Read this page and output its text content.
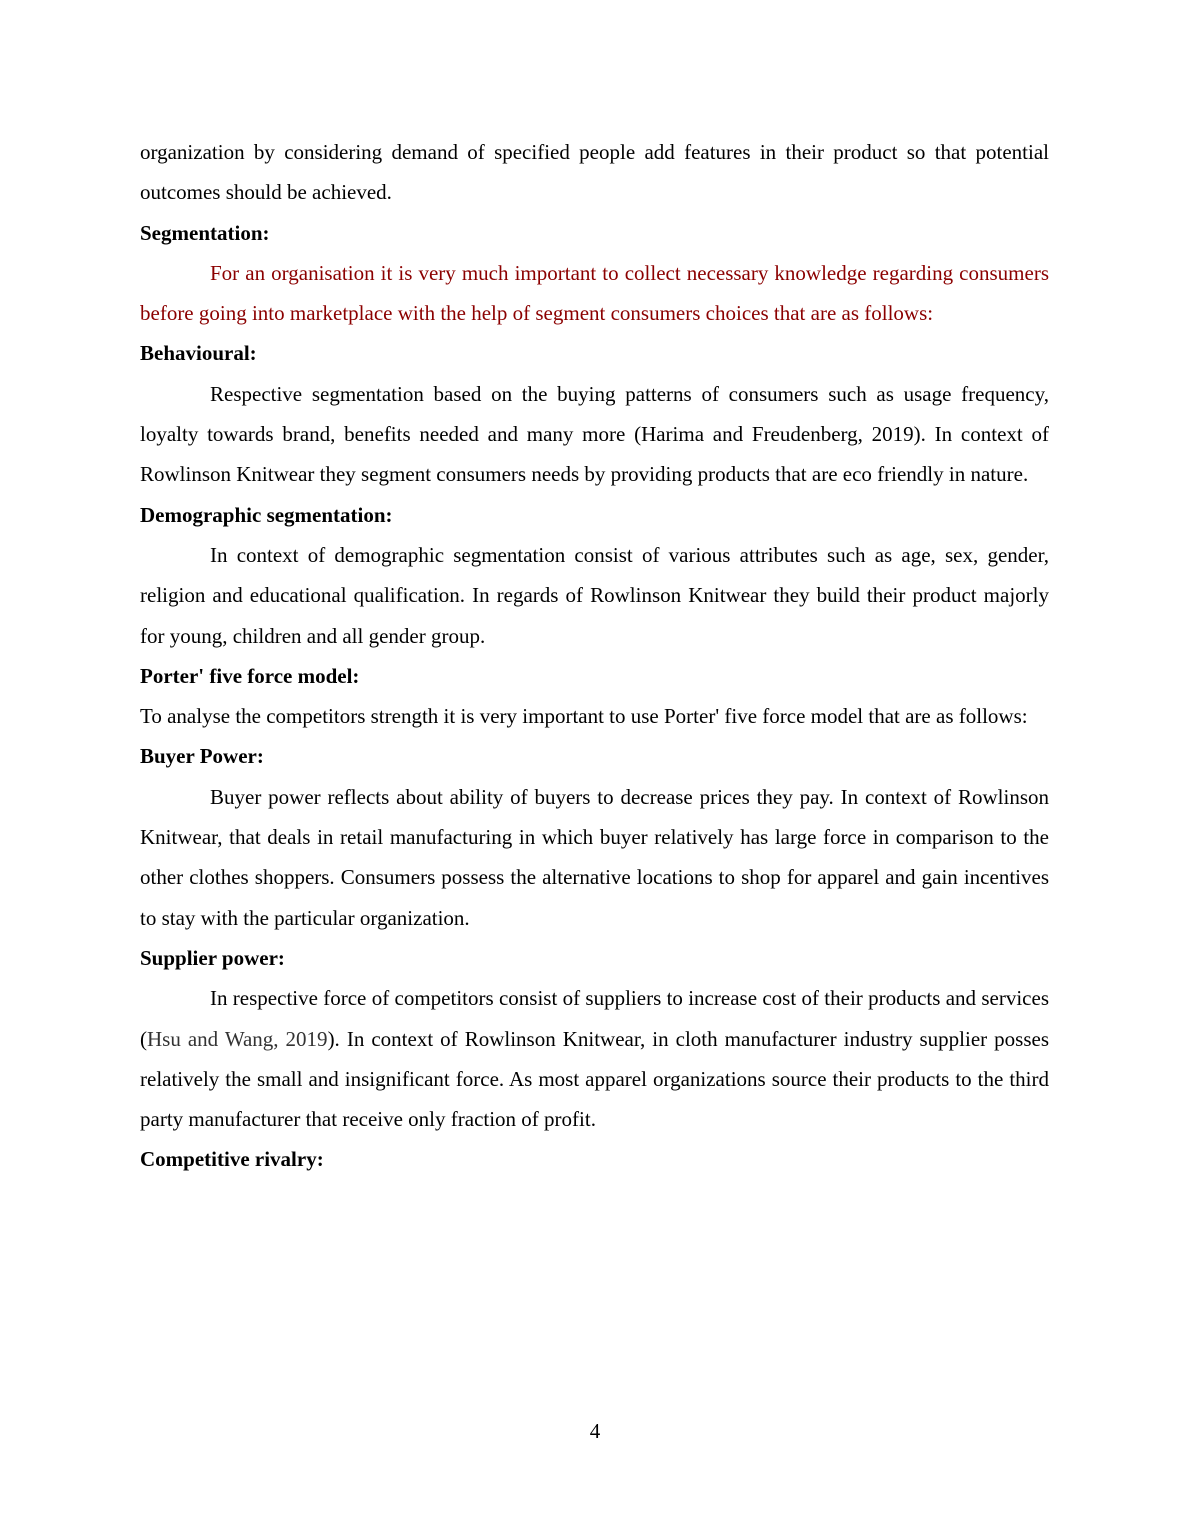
organization by considering demand of specified people add features in their product so that potential outcomes should be achieved.

Segmentation:

For an organisation it is very much important to collect necessary knowledge regarding consumers before going into marketplace with the help of segment consumers choices that are as follows:

Behavioural:

Respective segmentation based on the buying patterns of consumers such as usage frequency, loyalty towards brand, benefits needed and many more (Harima and Freudenberg, 2019). In context of Rowlinson Knitwear they segment consumers needs by providing products that are eco friendly in nature.

Demographic segmentation:

In context of demographic segmentation consist of various attributes such as age, sex, gender, religion and educational qualification. In regards of Rowlinson Knitwear they build their product majorly for young, children and all gender group.

Porter' five force model:

To analyse the competitors strength it is very important to use Porter' five force model that are as follows:

Buyer Power:

Buyer power reflects about ability of buyers to decrease prices they pay. In context of Rowlinson Knitwear, that deals in retail manufacturing in which buyer relatively has large force in comparison to the other clothes shoppers. Consumers possess the alternative locations to shop for apparel and gain incentives to stay with the particular organization.

Supplier power:

In respective force of competitors consist of suppliers to increase cost of their products and services (Hsu and Wang, 2019). In context of Rowlinson Knitwear, in cloth manufacturer industry supplier posses relatively the small and insignificant force. As most apparel organizations source their products to the third party manufacturer that receive only fraction of profit.

Competitive rivalry:

4
